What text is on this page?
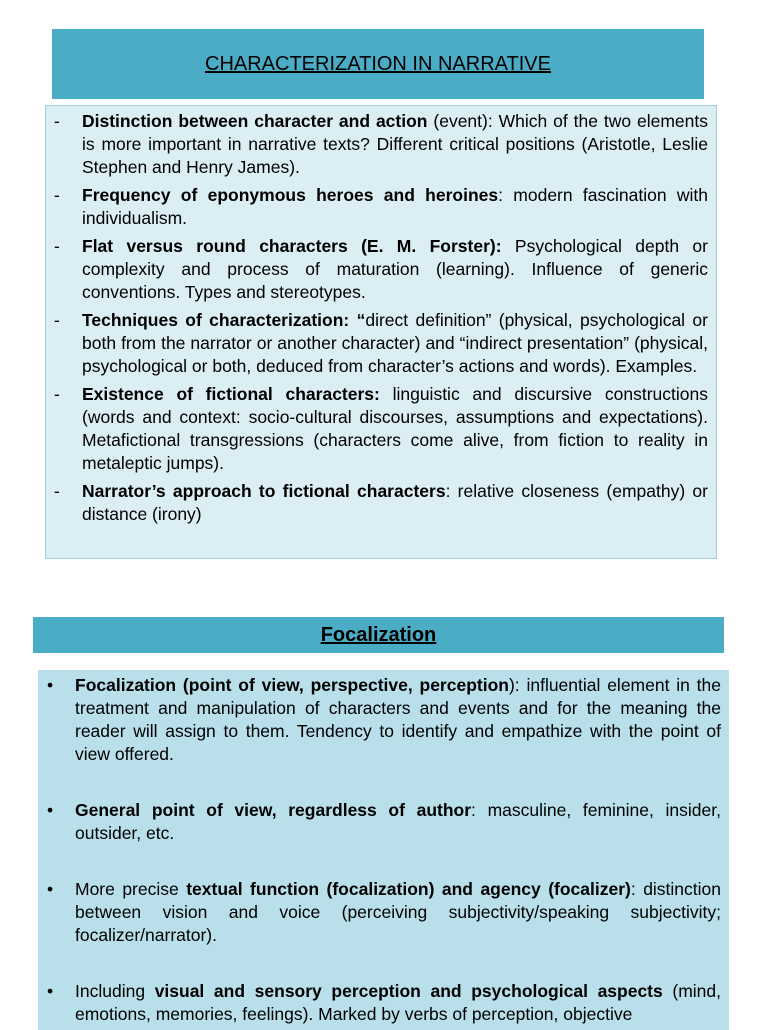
CHARACTERIZATION IN NARRATIVE
- Distinction between character and action (event): Which of the two elements is more important in narrative texts? Different critical positions (Aristotle, Leslie Stephen and Henry James).
- Frequency of eponymous heroes and heroines: modern fascination with individualism.
- Flat versus round characters (E. M. Forster): Psychological depth or complexity and process of maturation (learning). Influence of generic conventions. Types and stereotypes.
- Techniques of characterization: “direct definition” (physical, psychological or both from the narrator or another character) and “indirect presentation” (physical, psychological or both, deduced from character’s actions and words). Examples.
- Existence of fictional characters: linguistic and discursive constructions (words and context: socio-cultural discourses, assumptions and expectations). Metafictional transgressions (characters come alive, from fiction to reality in metaleptic jumps).
- Narrator’s approach to fictional characters: relative closeness (empathy) or distance (irony)
Focalization
• Focalization (point of view, perspective, perception): influential element in the treatment and manipulation of characters and events and for the meaning the reader will assign to them. Tendency to identify and empathize with the point of view offered.
• General point of view, regardless of author: masculine, feminine, insider, outsider, etc.
• More precise textual function (focalization) and agency (focalizer): distinction between vision and voice (perceiving subjectivity/speaking subjectivity; focalizer/narrator).
• Including visual and sensory perception and psychological aspects (mind, emotions, memories, feelings). Marked by verbs of perception, objective
